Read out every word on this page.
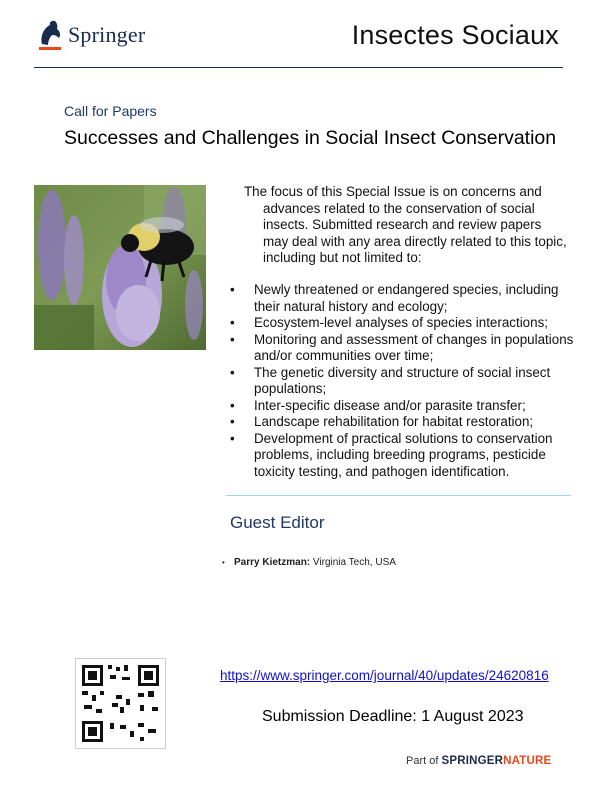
Springer	Insectes Sociaux
Call for Papers
Successes and Challenges in Social Insect Conservation

The focus of this Special Issue is on concerns and advances related to the conservation of social insects. Submitted research and review papers may deal with any area directly related to this topic, including but not limited to:

• Newly threatened or endangered species, including their natural history and ecology;
• Ecosystem-level analyses of species interactions;
• Monitoring and assessment of changes in populations and/or communities over time;
• The genetic diversity and structure of social insect populations;
• Inter-specific disease and/or parasite transfer;
• Landscape rehabilitation for habitat restoration;
• Development of practical solutions to conservation problems, including breeding programs, pesticide toxicity testing, and pathogen identification.
Guest Editor
• Parry Kietzman: Virginia Tech, USA
https://www.springer.com/journal/40/updates/24620816
Submission Deadline: 1 August 2023
Part of SPRINGERNATURE
